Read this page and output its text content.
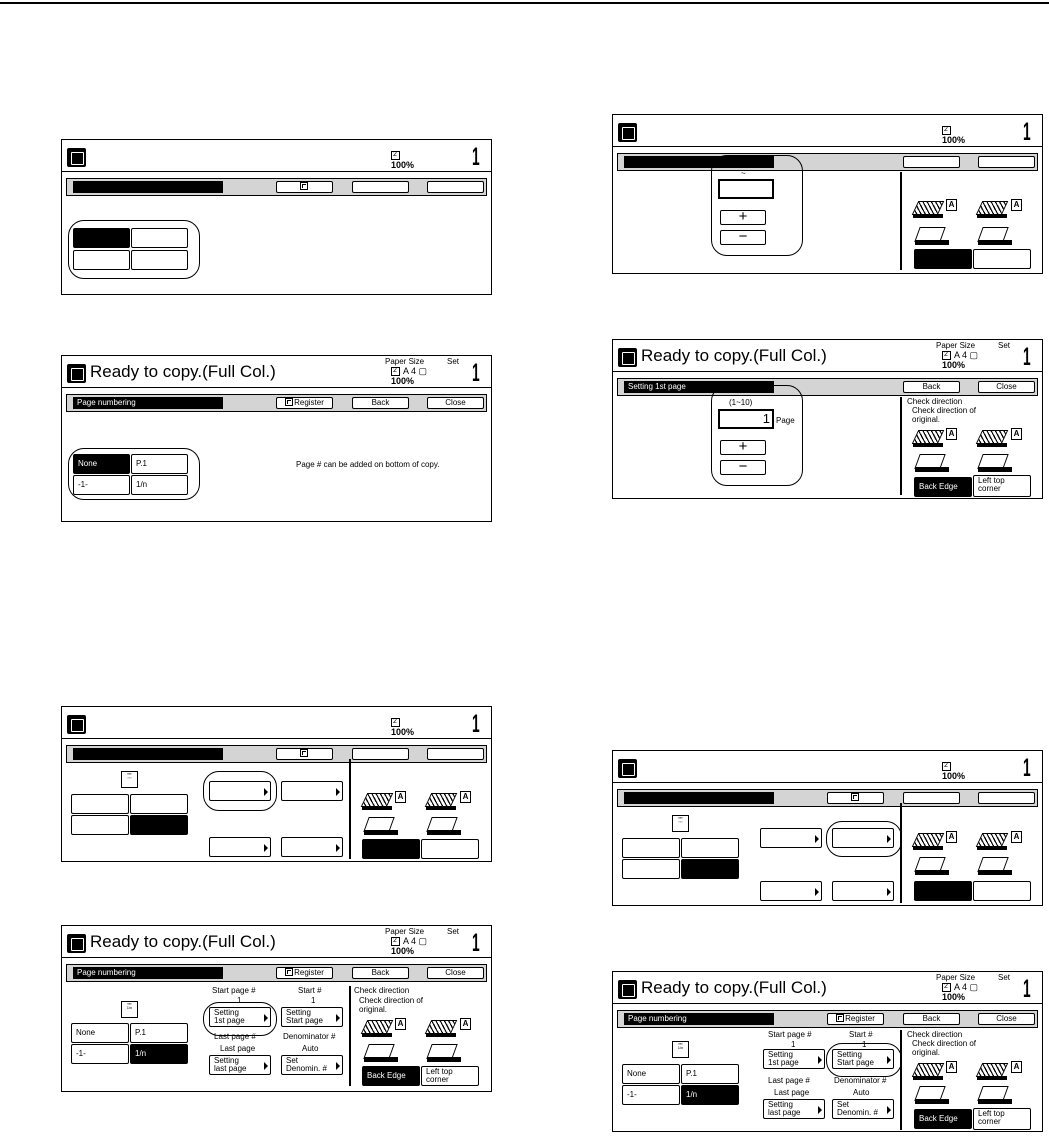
2
100% 1
Ready to copy.(Full Col.)
Paper Size	Set
2
A 4 ▢
100% 1
Page numbering	Register	Back	Close
None	P.1
-1-	1/n
Page # can be added on bottom of copy.
2
100% 1
▪▪▪
▫▫▫
A	A
Ready to copy.(Full Col.)
Paper Size	Set
2
A 4 ▢
100% 1
Page numbering	Register	Back	Close
Start page #
1
Start #
1
▪▪▪
1/n
None	P.1
-1-	1/n
Setting
1st page
Setting
Start page
Last page #	Denominator #
Last page	Auto
Setting
last page
Set
Denomin. #
Check direction
Check direction of
original.
A	A
Back Edge	Left top
corner
2
100% 1
~
+
−
A	A
Ready to copy.(Full Col.)
Paper Size	Set
2
A 4 ▢
100% 1
Setting 1st page	Back	Close
(1~10)
1 Page
+
−
Check direction
Check direction of
original.
A	A
Back Edge
Left top
corner
2
100% 1
▪▪▪
▫▫▫
A	A
Ready to copy.(Full Col.)
Paper Size	Set
2
A 4 ▢
100% 1
Page numbering	Register	Back	Close
Start page #
1
Start #
1
▪▪▪
1/n
None	P.1
-1-	1/n
Setting
1st page
Setting
Start page
Last page #	Denominator #
Last page	Auto
Setting
last page
Set
Denomin. #
Check direction
Check direction of
original.
A	A
Back Edge
Left top
corner
